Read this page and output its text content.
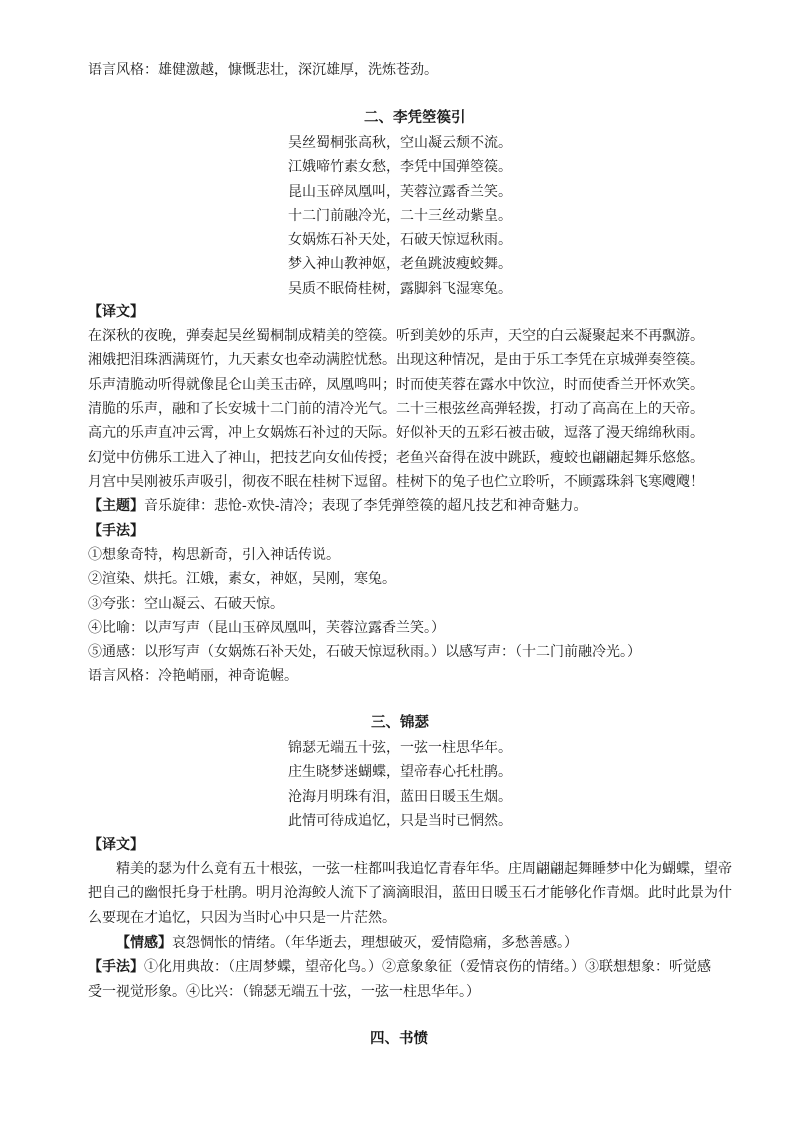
语言风格：雄健激越，慷慨悲壮，深沉雄厚，洗炼苍劲。
二、李凭箜篌引
吴丝蜀桐张高秋，空山凝云颓不流。
江娥啼竹素女愁，李凭中国弹箜篌。
昆山玉碎凤凰叫，芙蓉泣露香兰笑。
十二门前融冷光，二十三丝动紫皇。
女娲炼石补天处，石破天惊逗秋雨。
梦入神山教神妪，老鱼跳波瘦蛟舞。
吴质不眠倚桂树，露脚斜飞湿寒兔。
【译文】
在深秋的夜晚，弹奏起吴丝蜀桐制成精美的箜篌。听到美妙的乐声，天空的白云凝聚起来不再飘游。
湘娥把泪珠洒满斑竹，九天素女也牵动满腔忧愁。出现这种情况，是由于乐工李凭在京城弹奏箜篌。
乐声清脆动听得就像昆仑山美玉击碎，凤凰鸣叫；时而使芙蓉在露水中饮泣，时而使香兰开怀欢笑。
清脆的乐声，融和了长安城十二门前的清冷光气。二十三根弦丝高弹轻拨，打动了高高在上的天帝。
高亢的乐声直冲云霄，冲上女娲炼石补过的天际。好似补天的五彩石被击破，逗落了漫天绵绵秋雨。
幻觉中仿佛乐工进入了神山，把技艺向女仙传授；老鱼兴奋得在波中跳跃，瘦蛟也翩翩起舞乐悠悠。
月宫中吴刚被乐声吸引，彻夜不眠在桂树下逗留。桂树下的兔子也伫立聆听，不顾露珠斜飞寒飕飕！
【主题】音乐旋律：悲怆-欢快-清冷；表现了李凭弹箜篌的超凡技艺和神奇魅力。
【手法】
①想象奇特，构思新奇，引入神话传说。
②渲染、烘托。江娥，素女，神妪，吴刚，寒兔。
③夸张：空山凝云、石破天惊。
④比喻：以声写声（昆山玉碎凤凰叫，芙蓉泣露香兰笑。）
⑤通感：以形写声（女娲炼石补天处，石破天惊逗秋雨。）以感写声：（十二门前融冷光。）
语言风格：冷艳峭丽，神奇诡幄。
三、锦瑟
锦瑟无端五十弦，一弦一柱思华年。
庄生晓梦迷蝴蝶，望帝春心托杜鹃。
沧海月明珠有泪，蓝田日暖玉生烟。
此情可待成追忆，只是当时已惘然。
【译文】
精美的瑟为什么竟有五十根弦，一弦一柱都叫我追忆青春年华。庄周翩翩起舞睡梦中化为蝴蝶，望帝
把自己的幽恨托身于杜鹃。明月沧海鲛人流下了滴滴眼泪，蓝田日暖玉石才能够化作青烟。此时此景为什
么要现在才追忆，只因为当时心中只是一片茫然。
【情感】哀怨惆怅的情绪。（年华逝去，理想破灭，爱情隐痛，多愁善感。）
【手法】①化用典故：（庄周梦蝶，望帝化鸟。）②意象象征（爱情哀伤的情绪。）③联想想象：听觉感
受一视觉形象。④比兴：（锦瑟无端五十弦，一弦一柱思华年。）
四、书愤
